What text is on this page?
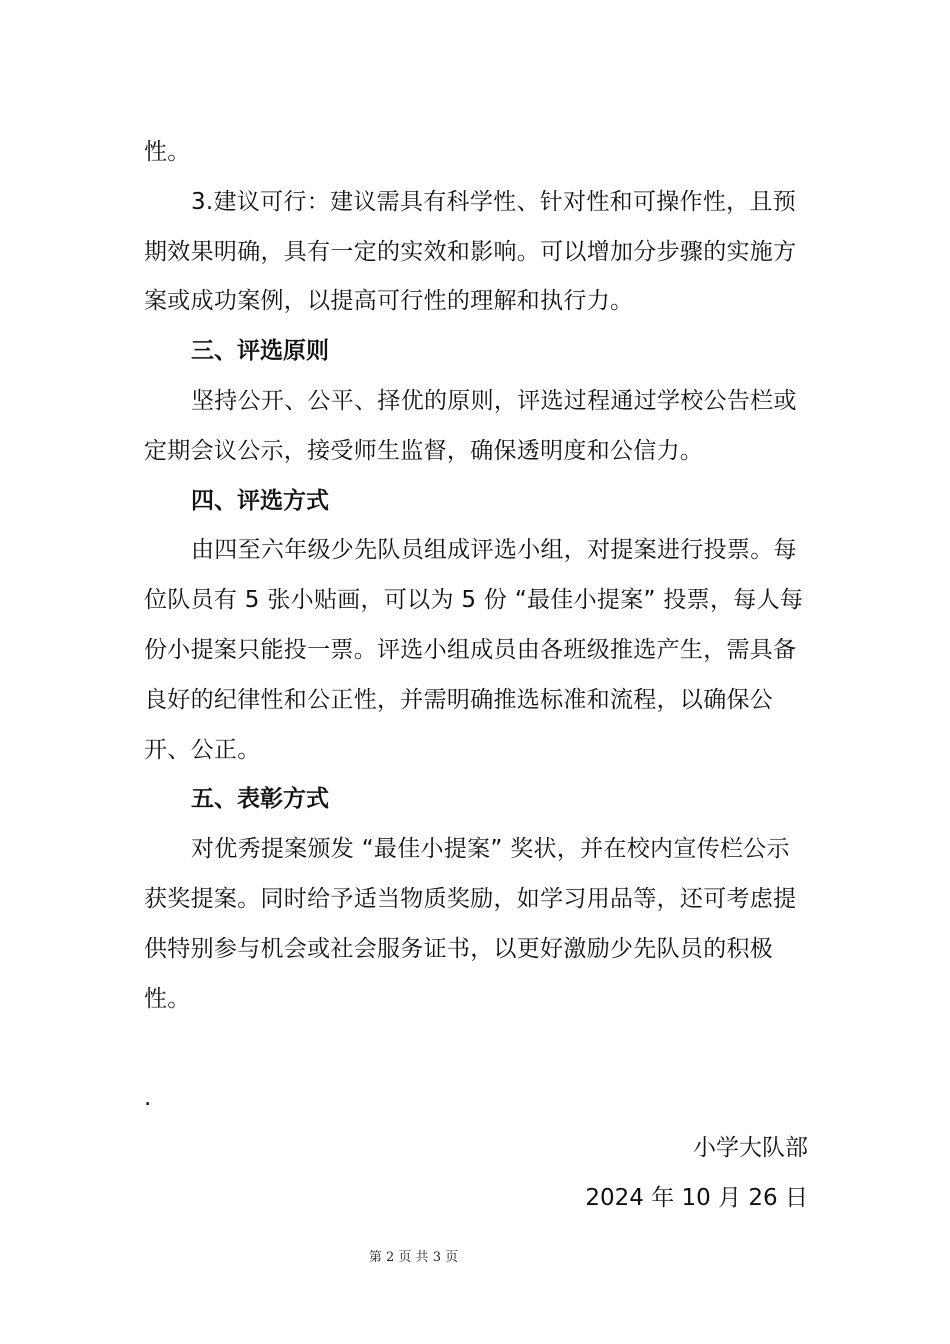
性。

3.建议可行：建议需具有科学性、针对性和可操作性，且预期效果明确，具有一定的实效和影响。可以增加分步骤的实施方案或成功案例，以提高可行性的理解和执行力。

三、评选原则

坚持公开、公平、择优的原则，评选过程通过学校公告栏或定期会议公示，接受师生监督，确保透明度和公信力。

四、评选方式

由四至六年级少先队员组成评选小组，对提案进行投票。每位队员有 5 张小贴画，可以为 5 份 “最佳小提案” 投票，每人每份小提案只能投一票。评选小组成员由各班级推选产生，需具备良好的纪律性和公正性，并需明确推选标准和流程，以确保公开、公正。

五、表彰方式

对优秀提案颁发 “最佳小提案” 奖状，并在校内宣传栏公示获奖提案。同时给予适当物质奖励，如学习用品等，还可考虑提供特别参与机会或社会服务证书，以更好激励少先队员的积极性。

.

小学大队部

2024 年 10 月 26 日

第 2 页 共 3 页
